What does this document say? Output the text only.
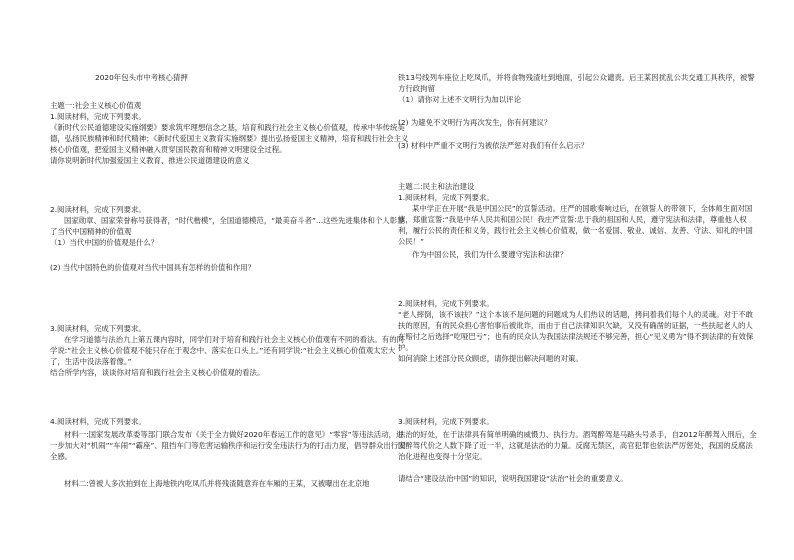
2020年包头市中考核心猜押

主题一:社会主义核心价值观

1.阅读材料，完成下列要求。

《新时代公民道德建设实施纲要》要求筑牢理想信念之基，培育和践行社会主义核心价值观，传承中华传统美德，弘扬民族精神和时代精神；《新时代爱国主义教育实施纲要》提出弘扬爱国主义精神，培育和践行社会主义核心价值观，把爱国主义精神融入贯穿国民教育和精神文明建设全过程。

请你说明新时代加强爱国主义教育、推进公民道德建设的意义

2.阅读材料，完成下列要求。

国家勋章、国家荣誉称号获得者，“时代楷模”，全国道德模范，“最美奋斗者”…这些先进集体和个人彰显了当代中国精神的价值观

（1）当代中国的价值观是什么？

(2) 当代中国特色的价值观对当代中国具有怎样的价值和作用？

3.阅读材料，完成下列要求。

在学习道德与法治九上第五课内容时，同学们对于培育和践行社会主义核心价值观有不同的看法。有的同学说:“社会主义核心价值观不能只存在于观念中、落实在口头上。”还有同学说:“社会主义核心价值观太宏大了，生活中没法落着像。”

结合所学内容，谈谈你对培育和践行社会主义核心价值观的看法。

4.阅读材料，完成下列要求。

材料一:国家发展改革委等部门联合发布《关于全力做好2020年春运工作的意见》“零容”等违法活动，进一步加大对“机闹”“车闹”“霸座”、阻挡车门等危害运输秩序和运行安全违法行为的打击力度，倡导群众出行安全感。

材料二:曾被人多次拍到在上海地铁内吃凤爪并将残渣随意弃在车厢的王某，又被曝出在北京地

铁13号线列车座位上吃凤爪，并将食物残渣吐到地面，引起公众谴责。后王某因扰乱公共交通工具秩序，被警方行政拘留

（1）请你对上述不文明行为加以评论

(2) 为避免不文明行为再次发生，你有何建议？

(3) 材料中严重不文明行为被依法严惩对我们有什么启示？

主题二:民主和法治建设

1.阅读材料，完成下列要求。

某中学正在开展“我是中国公民”的宣誓活动。庄严的国歌奏响过后，在领誓人的带领下，全体师生面对国旗，郑重宣誓:“我是中华人民共和国公民！我庄严宣誓:忠于我的祖国和人民，遵守宪法和法律，尊重他人权利，履行公民的责任和义务，践行社会主义核心价值观，做一名爱国、敬业、诚信、友善、守法、知礼的中国公民！”

作为中国公民，我们为什么要遵守宪法和法律？

2.阅读材料，完成下列要求。

“老人摔倒，该不该扶？”这个本该不是问题的问题成为人们热议的话题，拷问着我们每个人的灵魂。对于不敢扶的原因，有的民众担心害怕事后被讹诈，而由于自己法律知识欠缺，又没有确凿的证据，一些扶起老人的人在赔付之后选择“吃哑巴亏”；也有的民众认为我国法律法规还不够完善，担心“见义勇为”得不到法律的有效保护。

如何消除上述部分民众顾虑，请你提出解决问题的对策。

3.阅读材料，完成下列要求。

法治的好处，在于法律具有简单明确的威慑力、执行力。酒驾醉驾是马路头号杀手，自2012年醉驾入刑后，全国醉驾代价之人数下降了近一半，这就是法治的力量。反腐无禁区，高官犯罪也依法严厉惩处，我国的反腐法治化进程也变得十分坚定。

请结合“建设法治中国”的知识，说明我国建设“法治”社会的重要意义。
